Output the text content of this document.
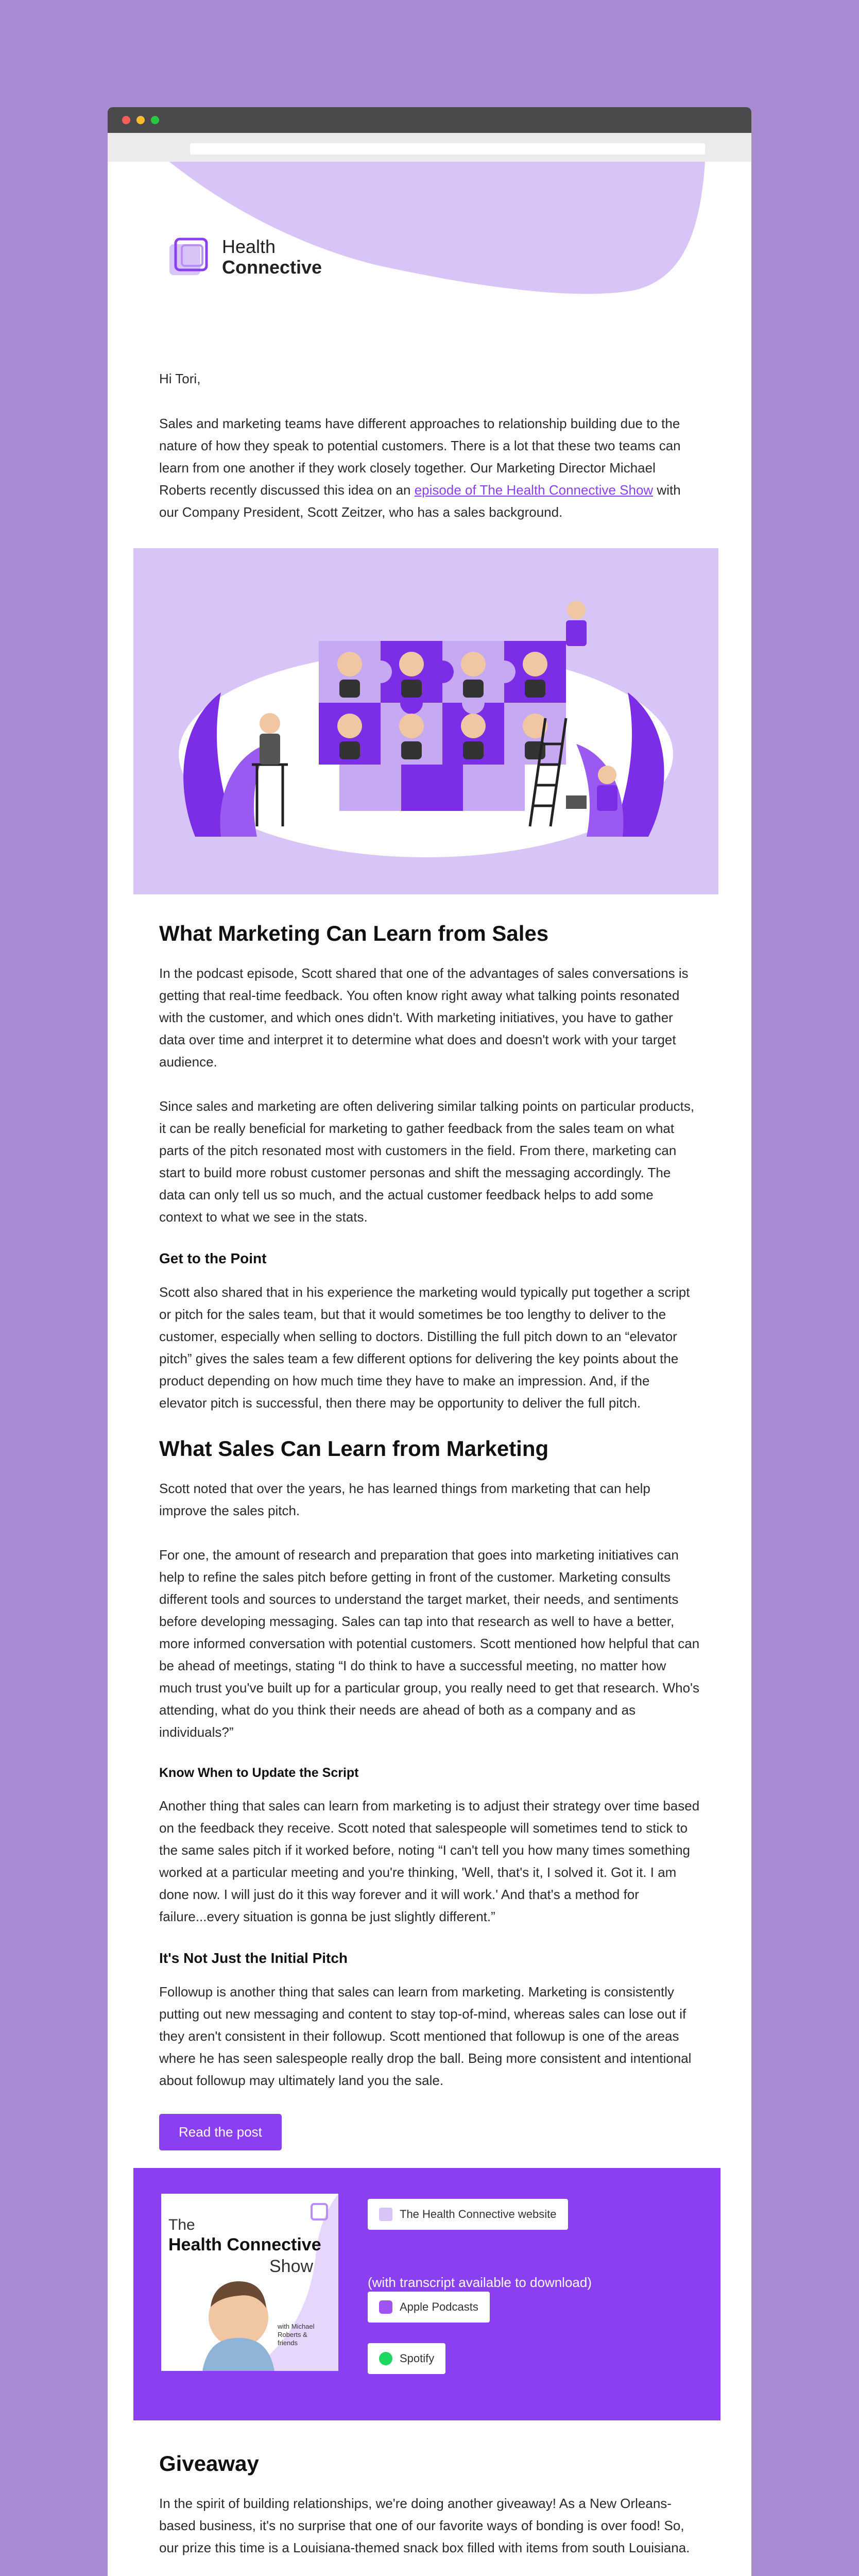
Health
Connective

Hi Tori,

Sales and marketing teams have different approaches to relationship building due to the nature of how they speak to potential customers. There is a lot that these two teams can learn from one another if they work closely together. Our Marketing Director Michael Roberts recently discussed this idea on an episode of The Health Connective Show with our Company President, Scott Zeitzer, who has a sales background.

What Marketing Can Learn from Sales

In the podcast episode, Scott shared that one of the advantages of sales conversations is getting that real-time feedback. You often know right away what talking points resonated with the customer, and which ones didn't. With marketing initiatives, you have to gather data over time and interpret it to determine what does and doesn't work with your target audience.

Since sales and marketing are often delivering similar talking points on particular products, it can be really beneficial for marketing to gather feedback from the sales team on what parts of the pitch resonated most with customers in the field. From there, marketing can start to build more robust customer personas and shift the messaging accordingly. The data can only tell us so much, and the actual customer feedback helps to add some context to what we see in the stats.

Get to the Point

Scott also shared that in his experience the marketing would typically put together a script or pitch for the sales team, but that it would sometimes be too lengthy to deliver to the customer, especially when selling to doctors. Distilling the full pitch down to an “elevator pitch” gives the sales team a few different options for delivering the key points about the product depending on how much time they have to make an impression. And, if the elevator pitch is successful, then there may be opportunity to deliver the full pitch.

What Sales Can Learn from Marketing

Scott noted that over the years, he has learned things from marketing that can help improve the sales pitch.

For one, the amount of research and preparation that goes into marketing initiatives can help to refine the sales pitch before getting in front of the customer. Marketing consults different tools and sources to understand the target market, their needs, and sentiments before developing messaging. Sales can tap into that research as well to have a better, more informed conversation with potential customers. Scott mentioned how helpful that can be ahead of meetings, stating “I do think to have a successful meeting, no matter how much trust you've built up for a particular group, you really need to get that research. Who's attending, what do you think their needs are ahead of both as a company and as individuals?”

Know When to Update the Script

Another thing that sales can learn from marketing is to adjust their strategy over time based on the feedback they receive. Scott noted that salespeople will sometimes tend to stick to the same sales pitch if it worked before, noting “I can't tell you how many times something worked at a particular meeting and you're thinking, 'Well, that's it, I solved it. Got it. I am done now. I will just do it this way forever and it will work.' And that's a method for failure...every situation is gonna be just slightly different.”

It's Not Just the Initial Pitch

Followup is another thing that sales can learn from marketing. Marketing is consistently putting out new messaging and content to stay top-of-mind, whereas sales can lose out if they aren't consistent in their followup. Scott mentioned that followup is one of the areas where he has seen salespeople really drop the ball. Being more consistent and intentional about followup may ultimately land you the sale.

Read the post
The
Health Connective
Show
with Michael Roberts & friends
The Health Connective website
(with transcript available to download)
Apple Podcasts
Spotify
Giveaway

In the spirit of building relationships, we're doing another giveaway! As a New Orleans-based business, it's no surprise that one of our favorite ways of bonding is over food! So, our prize this time is a Louisiana-themed snack box filled with items from south Louisiana.
